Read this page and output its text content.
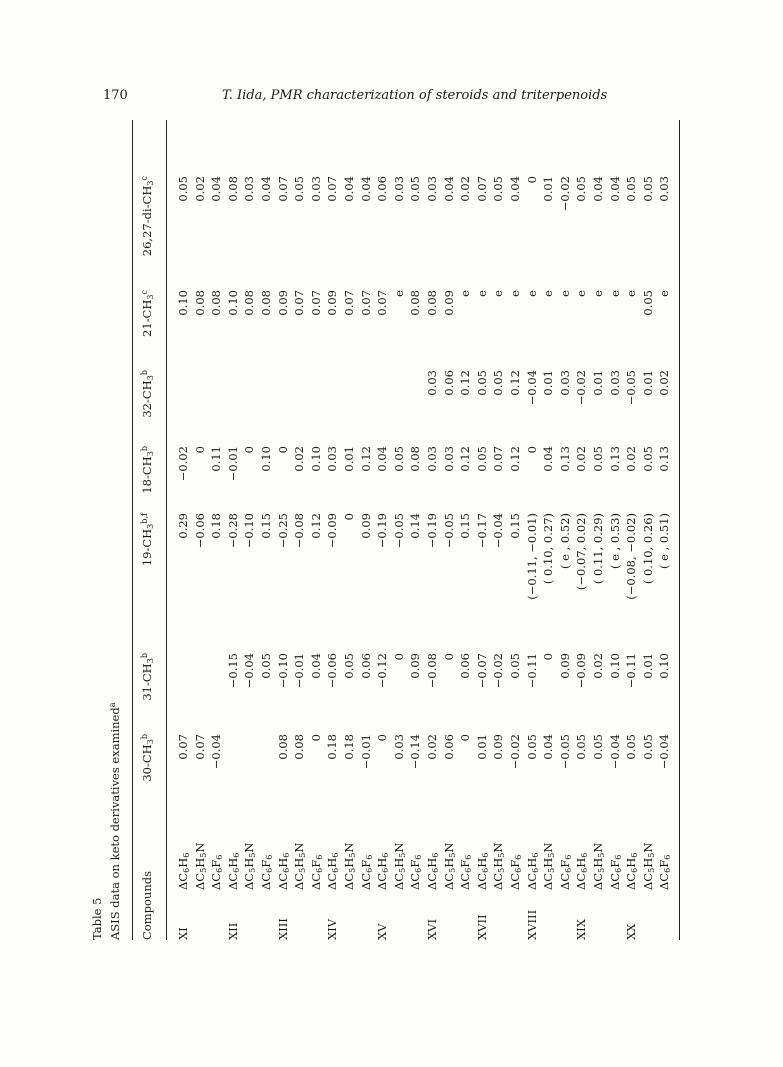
170	T. Iida, PMR characterization of steroids and triterpenoids
Table 5 ASIS data on keto derivatives examined$^a$
Compounds
$30-CH_3^b$
$31-CH_3^b$
$19-CH_3^{b,f}$
$18-CH_3^b$
$32-CH_3^b$
$21-CH_3^c$
$26,27-di-CH_3^c$
XI
$\Delta C_6H_6$
0.07
0.29
−0.02
0.10
0.05
$\Delta C_5H_5N$
0.07
−0.06
0
0.08
0.02
$\Delta C_6F_6$
−0.04
0.18
0.11
0.08
0.04
XII
$\Delta C_6H_6$
−0.15
−0.28
−0.01
0.10
0.08
$\Delta C_5H_5N$
−0.04
−0.10
0
0.08
0.03
$\Delta C_6F_6$
0.05
0.15
0.10
0.08
0.04
XIII
$\Delta C_6H_6$
0.08
−0.10
−0.25
0
0.09
0.07
$\Delta C_5H_5N$
0.08
−0.01
−0.08
0.02
0.07
0.05
$\Delta C_6F_6$
0
0.04
0.12
0.10
0.07
0.03
XIV
$\Delta C_6H_6$
0.18
−0.06
−0.09
0.03
0.09
0.07
$\Delta C_5H_5N$
0.18
0.05
0
0.01
0.07
0.04
$\Delta C_6F_6$
−0.01
0.06
0.09
0.12
0.07
0.04
XV
$\Delta C_6H_6$
0
−0.12
−0.19
0.04
0.07
0.06
$\Delta C_5H_5N$
0.03
0
−0.05
0.05
e
0.03
$\Delta C_6F_6$
−0.14
0.09
0.14
0.08
0.08
0.05
XVI
$\Delta C_6H_6$
0.02
−0.08
−0.19
0.03
0.03
0.08
0.03
$\Delta C_5H_5N$
0.06
0
−0.05
0.03
0.06
0.09
0.04
$\Delta C_6F_6$
0
0.06
0.15
0.12
0.12
e
0.02
XVII
$\Delta C_6H_6$
0.01
−0.07
−0.17
0.05
0.05
e
0.07
$\Delta C_5H_5N$
0.09
−0.02
−0.04
0.07
0.05
e
0.05
$\Delta C_6F_6$
−0.02
0.05
0.15
0.12
0.12
e
0.04
XVIII
$\Delta C_6H_6$
0.05
−0.11
(−0.11, −0.01)
0
−0.04
e
0
$\Delta C_5H_5N$
0.04
0
( 0.10, 0.27)
0.04
0.01
e
0.01
$\Delta C_6F_6$
−0.05
0.09
( e , 0.52)
0.13
0.03
e
−0.02
XIX
$\Delta C_6H_6$
0.05
−0.09
(−0.07, 0.02)
0.02
−0.02
e
0.05
$\Delta C_5H_5N$
0.05
0.02
( 0.11, 0.29)
0.05
0.01
e
0.04
$\Delta C_6F_6$
−0.04
0.10
( e , 0.53)
0.13
0.03
e
0.04
XX
$\Delta C_6H_6$
0.05
−0.11
(−0.08, −0.02)
0.02
−0.05
e
0.05
$\Delta C_5H_5N$
0.05
0.01
( 0.10, 0.26)
0.05
0.01
0.05
0.05
$\Delta C_6F_6$
−0.04
0.10
( e , 0.51)
0.13
0.02
e
0.03
